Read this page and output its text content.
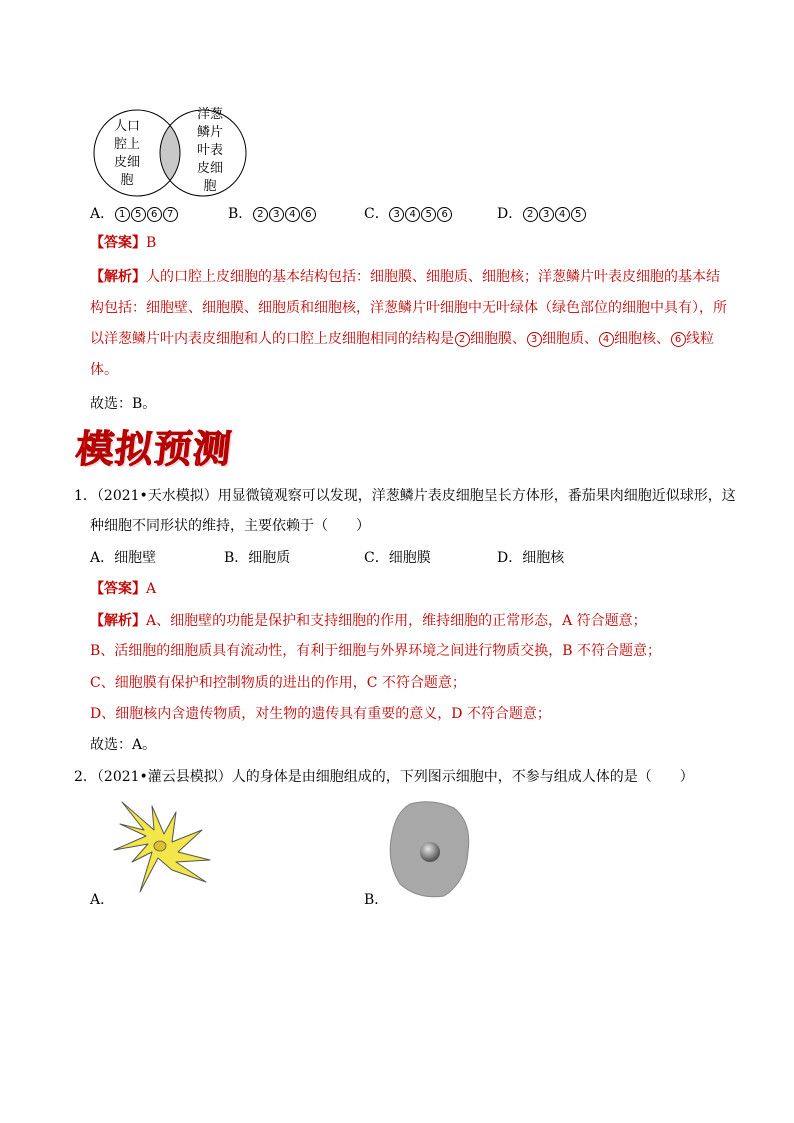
人口
腔上
皮细
胞
洋葱
鳞片
叶表
皮细
胞
A． 1 5 6 7	B． 2 3 4 6	C． 3 4 5 6	D． 2 3 4 5
【答案】B
【解析】人的口腔上皮细胞的基本结构包括：细胞膜、细胞质、细胞核；洋葱鳞片叶表皮细胞的基本结
构包括：细胞壁、细胞膜、细胞质和细胞核，洋葱鳞片叶细胞中无叶绿体（绿色部位的细胞中具有），所
以洋葱鳞片叶内表皮细胞和人的口腔上皮细胞相同的结构是 2 细胞膜、 3 细胞质、 4 细胞核、 6 线粒
体。
故选：B。
模拟预测
1．（2021•天水模拟）用显微镜观察可以发现，洋葱鳞片表皮细胞呈长方体形，番茄果肉细胞近似球形，这
种细胞不同形状的维持，主要依赖于（　　）
A．细胞壁	B．细胞质	C．细胞膜	D．细胞核
【答案】A
【解析】A、细胞壁的功能是保护和支持细胞的作用，维持细胞的正常形态，A 符合题意；
B、活细胞的细胞质具有流动性，有利于细胞与外界环境之间进行物质交换，B 不符合题意；
C、细胞膜有保护和控制物质的进出的作用，C 不符合题意；
D、细胞核内含遗传物质，对生物的遗传具有重要的意义，D 不符合题意；
故选：A。
2．（2021•灌云县模拟）人的身体是由细胞组成的，下列图示细胞中，不参与组成人体的是（　　）
A．	B．
